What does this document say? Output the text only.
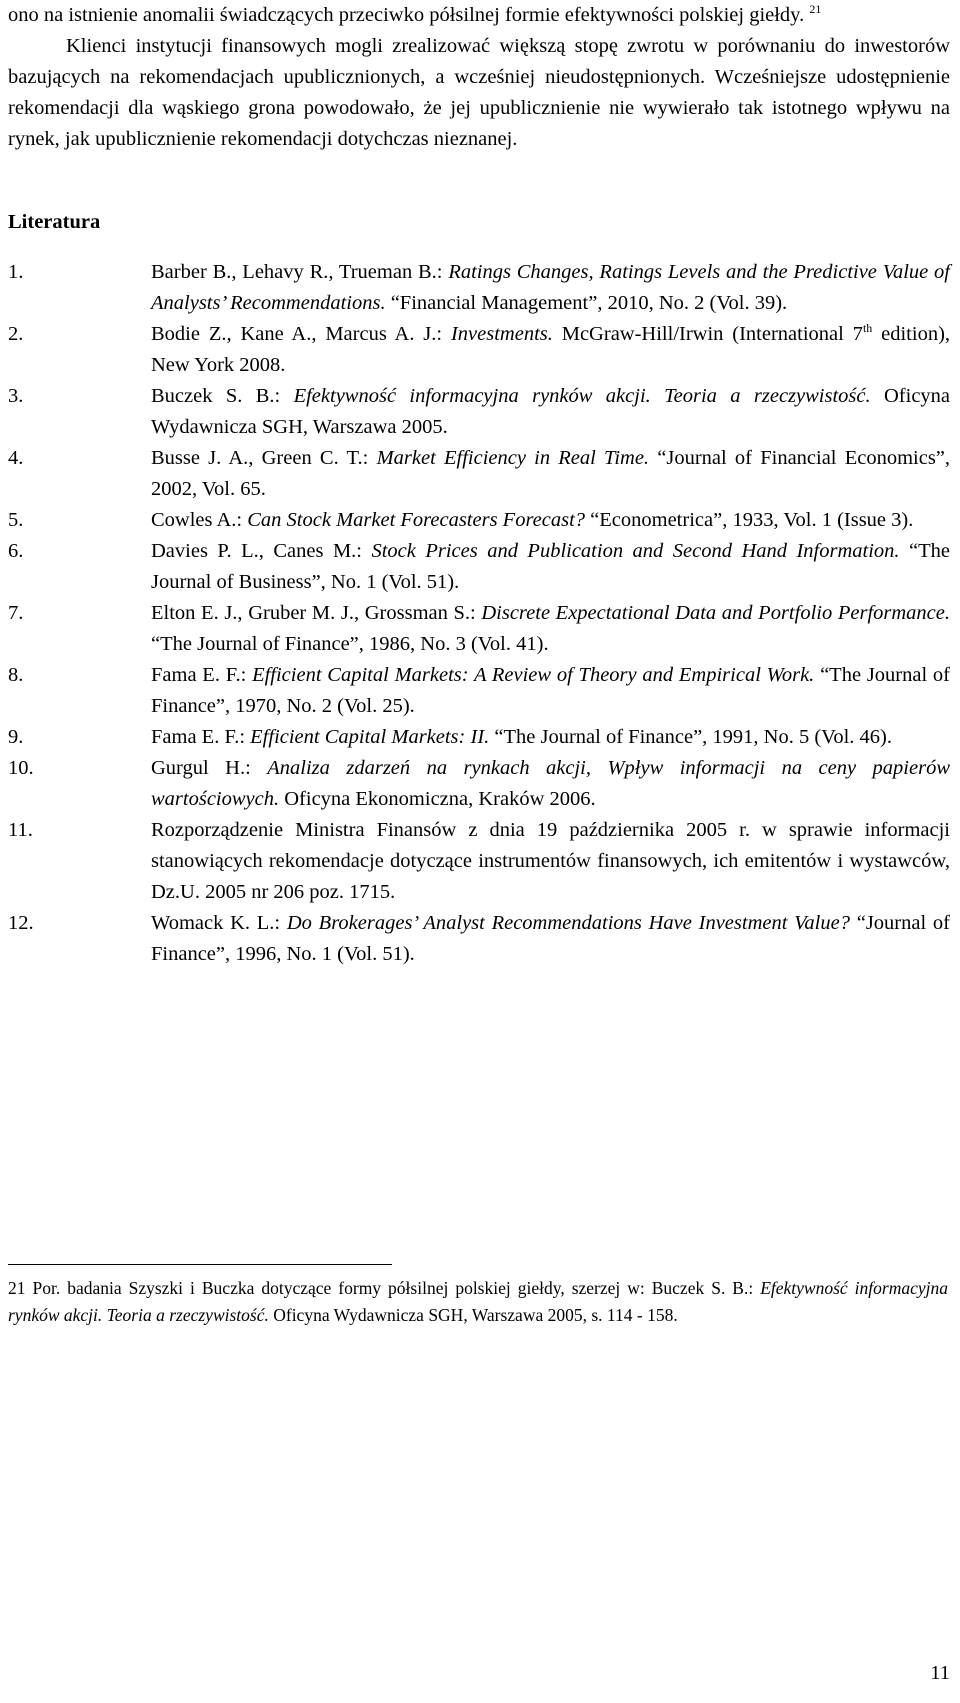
ono na istnienie anomalii świadczących przeciwko półsilnej formie efektywności polskiej giełdy. $^{21}$

Klienci instytucji finansowych mogli zrealizować większą stopę zwrotu w porównaniu do inwestorów bazujących na rekomendacjach upublicznionych, a wcześniej nieudostępnionych. Wcześniejsze udostępnienie rekomendacji dla wąskiego grona powodowało, że jej upublicznienie nie wywierało tak istotnego wpływu na rynek, jak upublicznienie rekomendacji dotychczas nieznanej.

Literatura
1.	Barber B., Lehavy R., Trueman B.: Ratings Changes, Ratings Levels and the Predictive Value of Analysts’ Recommendations. “Financial Management”, 2010, No. 2 (Vol. 39).
2.	Bodie Z., Kane A., Marcus A. J.: Investments. McGraw-Hill/Irwin (International 7th edition), New York 2008.
3.	Buczek S. B.: Efektywność informacyjna rynków akcji. Teoria a rzeczywistość. Oficyna Wydawnicza SGH, Warszawa 2005.
4.	Busse J. A., Green C. T.: Market Efficiency in Real Time. “Journal of Financial Economics”, 2002, Vol. 65.
5.	Cowles A.: Can Stock Market Forecasters Forecast? “Econometrica”, 1933, Vol. 1 (Issue 3).
6.	Davies P. L., Canes M.: Stock Prices and Publication and Second Hand Information. “The Journal of Business”, No. 1 (Vol. 51).
7.	Elton E. J., Gruber M. J., Grossman S.: Discrete Expectational Data and Portfolio Performance. “The Journal of Finance”, 1986, No. 3 (Vol. 41).
8.	Fama E. F.: Efficient Capital Markets: A Review of Theory and Empirical Work. “The Journal of Finance”, 1970, No. 2 (Vol. 25).
9.	Fama E. F.: Efficient Capital Markets: II. “The Journal of Finance”, 1991, No. 5 (Vol. 46).
10.	Gurgul H.: Analiza zdarzeń na rynkach akcji, Wpływ informacji na ceny papierów wartościowych. Oficyna Ekonomiczna, Kraków 2006.
11.	Rozporządzenie Ministra Finansów z dnia 19 października 2005 r. w sprawie informacji stanowiących rekomendacje dotyczące instrumentów finansowych, ich emitentów i wystawców, Dz.U. 2005 nr 206 poz. 1715.
12.	Womack K. L.: Do Brokerages’ Analyst Recommendations Have Investment Value? “Journal of Finance”, 1996, No. 1 (Vol. 51).
21 Por. badania Szyszki i Buczka dotyczące formy półsilnej polskiej giełdy, szerzej w: Buczek S. B.: Efektywność informacyjna rynków akcji. Teoria a rzeczywistość. Oficyna Wydawnicza SGH, Warszawa 2005, s. 114 - 158.
11
